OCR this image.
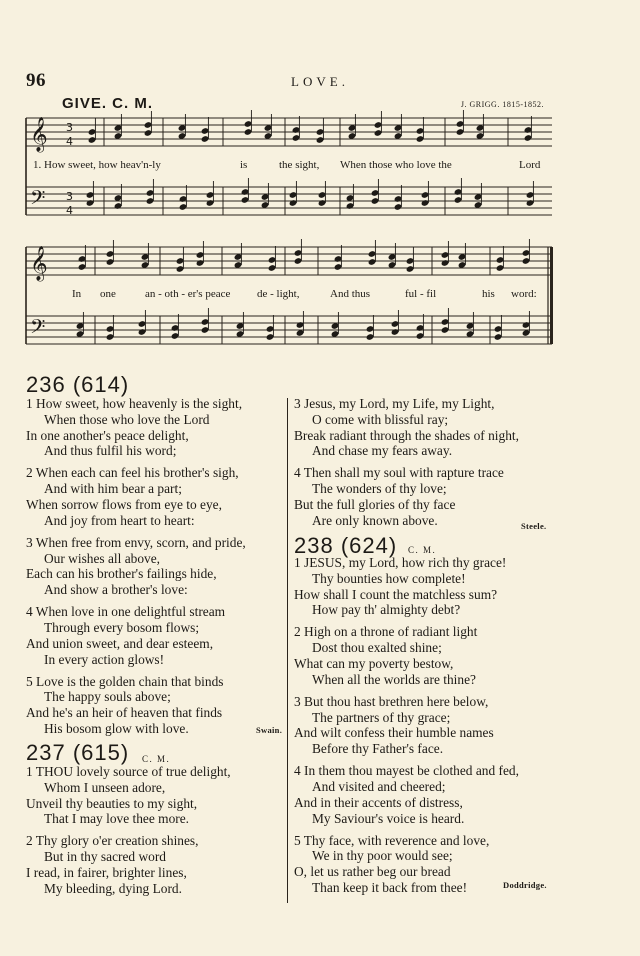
96	LOVE.
GIVE. C. M.	J. GRIGG. 1815-1852.
𝄞
𝄢
𝄞
𝄢
3
4
3
4
1. How sweet, how heav'n-ly	is	the sight, When those who love the	Lord
In one	an - oth - er's peace de - light,	And thus	ful - fil	his word:
236 (614)
1 How sweet, how heavenly is the sight,
When those who love the Lord
In one another's peace delight,
And thus fulfil his word;
2 When each can feel his brother's sigh,
And with him bear a part;
When sorrow flows from eye to eye,
And joy from heart to heart:
3 When free from envy, scorn, and pride,
Our wishes all above,
Each can his brother's failings hide,
And show a brother's love:
4 When love in one delightful stream
Through every bosom flows;
And union sweet, and dear esteem,
In every action glows!
5 Love is the golden chain that binds
The happy souls above;
And he's an heir of heaven that finds
His bosom glow with love.	Swain.
237 (615) C. M.
1 THOU lovely source of true delight,
Whom I unseen adore,
Unveil thy beauties to my sight,
That I may love thee more.
2 Thy glory o'er creation shines,
But in thy sacred word
I read, in fairer, brighter lines,
My bleeding, dying Lord.
3 Jesus, my Lord, my Life, my Light,
O come with blissful ray;
Break radiant through the shades of night,
And chase my fears away.
4 Then shall my soul with rapture trace
The wonders of thy love;
But the full glories of thy face
Are only known above.	Steele.
238 (624) C. M.
1 JESUS, my Lord, how rich thy grace!
Thy bounties how complete!
How shall I count the matchless sum?
How pay th' almighty debt?
2 High on a throne of radiant light
Dost thou exalted shine;
What can my poverty bestow,
When all the worlds are thine?
3 But thou hast brethren here below,
The partners of thy grace;
And wilt confess their humble names
Before thy Father's face.
4 In them thou mayest be clothed and fed,
And visited and cheered;
And in their accents of distress,
My Saviour's voice is heard.
5 Thy face, with reverence and love,
We in thy poor would see;
O, let us rather beg our bread
Than keep it back from thee!	Doddridge.
